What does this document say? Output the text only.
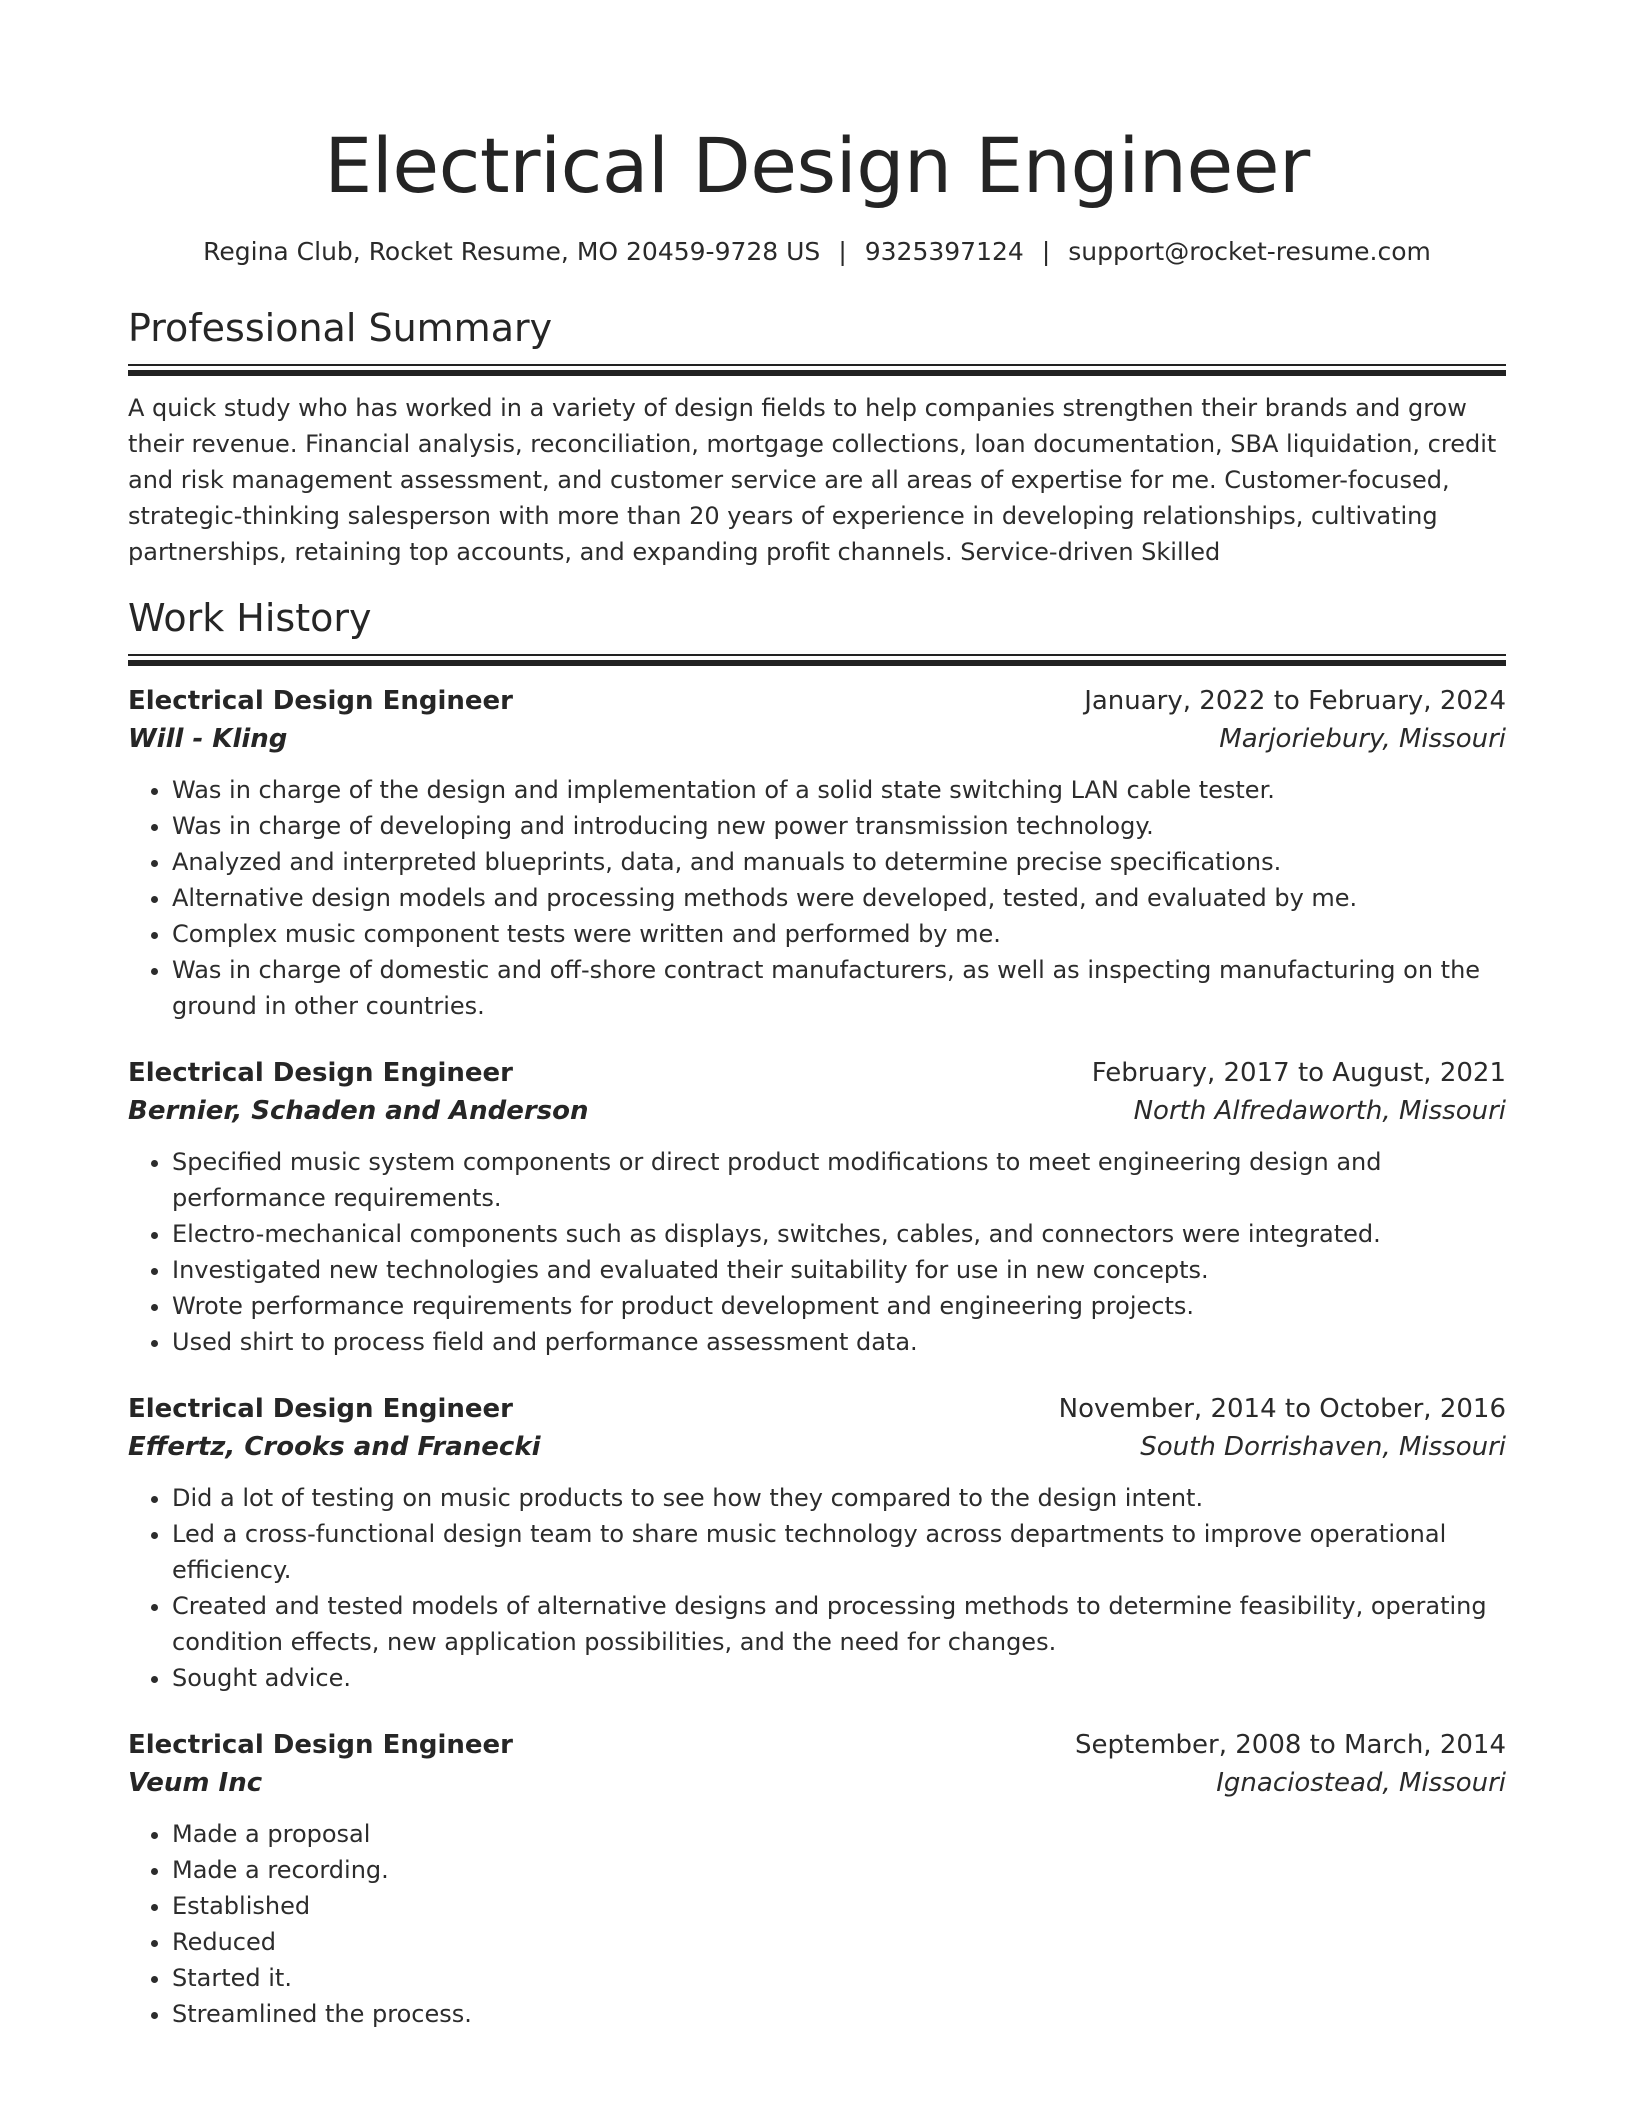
Electrical Design Engineer
Regina Club, Rocket Resume, MO 20459-9728 US | 9325397124 | support@rocket-resume.com
Professional Summary

A quick study who has worked in a variety of design fields to help companies strengthen their brands and grow their revenue. Financial analysis, reconciliation, mortgage collections, loan documentation, SBA liquidation, credit and risk management assessment, and customer service are all areas of expertise for me. Customer-focused, strategic-thinking salesperson with more than 20 years of experience in developing relationships, cultivating partnerships, retaining top accounts, and expanding profit channels. Service-driven Skilled

Work History
Electrical Design Engineer	January, 2022 to February, 2024
Will - Kling	Marjoriebury, Missouri
• Was in charge of the design and implementation of a solid state switching LAN cable tester.
• Was in charge of developing and introducing new power transmission technology.
• Analyzed and interpreted blueprints, data, and manuals to determine precise specifications.
• Alternative design models and processing methods were developed, tested, and evaluated by me.
• Complex music component tests were written and performed by me.
• Was in charge of domestic and off-shore contract manufacturers, as well as inspecting manufacturing on the ground in other countries.
Electrical Design Engineer	February, 2017 to August, 2021
Bernier, Schaden and Anderson	North Alfredaworth, Missouri
• Specified music system components or direct product modifications to meet engineering design and performance requirements.
• Electro-mechanical components such as displays, switches, cables, and connectors were integrated.
• Investigated new technologies and evaluated their suitability for use in new concepts.
• Wrote performance requirements for product development and engineering projects.
• Used shirt to process field and performance assessment data.
Electrical Design Engineer	November, 2014 to October, 2016
Effertz, Crooks and Franecki	South Dorrishaven, Missouri
• Did a lot of testing on music products to see how they compared to the design intent.
• Led a cross-functional design team to share music technology across departments to improve operational efficiency.
• Created and tested models of alternative designs and processing methods to determine feasibility, operating condition effects, new application possibilities, and the need for changes.
• Sought advice.
Electrical Design Engineer	September, 2008 to March, 2014
Veum Inc	Ignaciostead, Missouri
• Made a proposal
• Made a recording.
• Established
• Reduced
• Started it.
• Streamlined the process.
